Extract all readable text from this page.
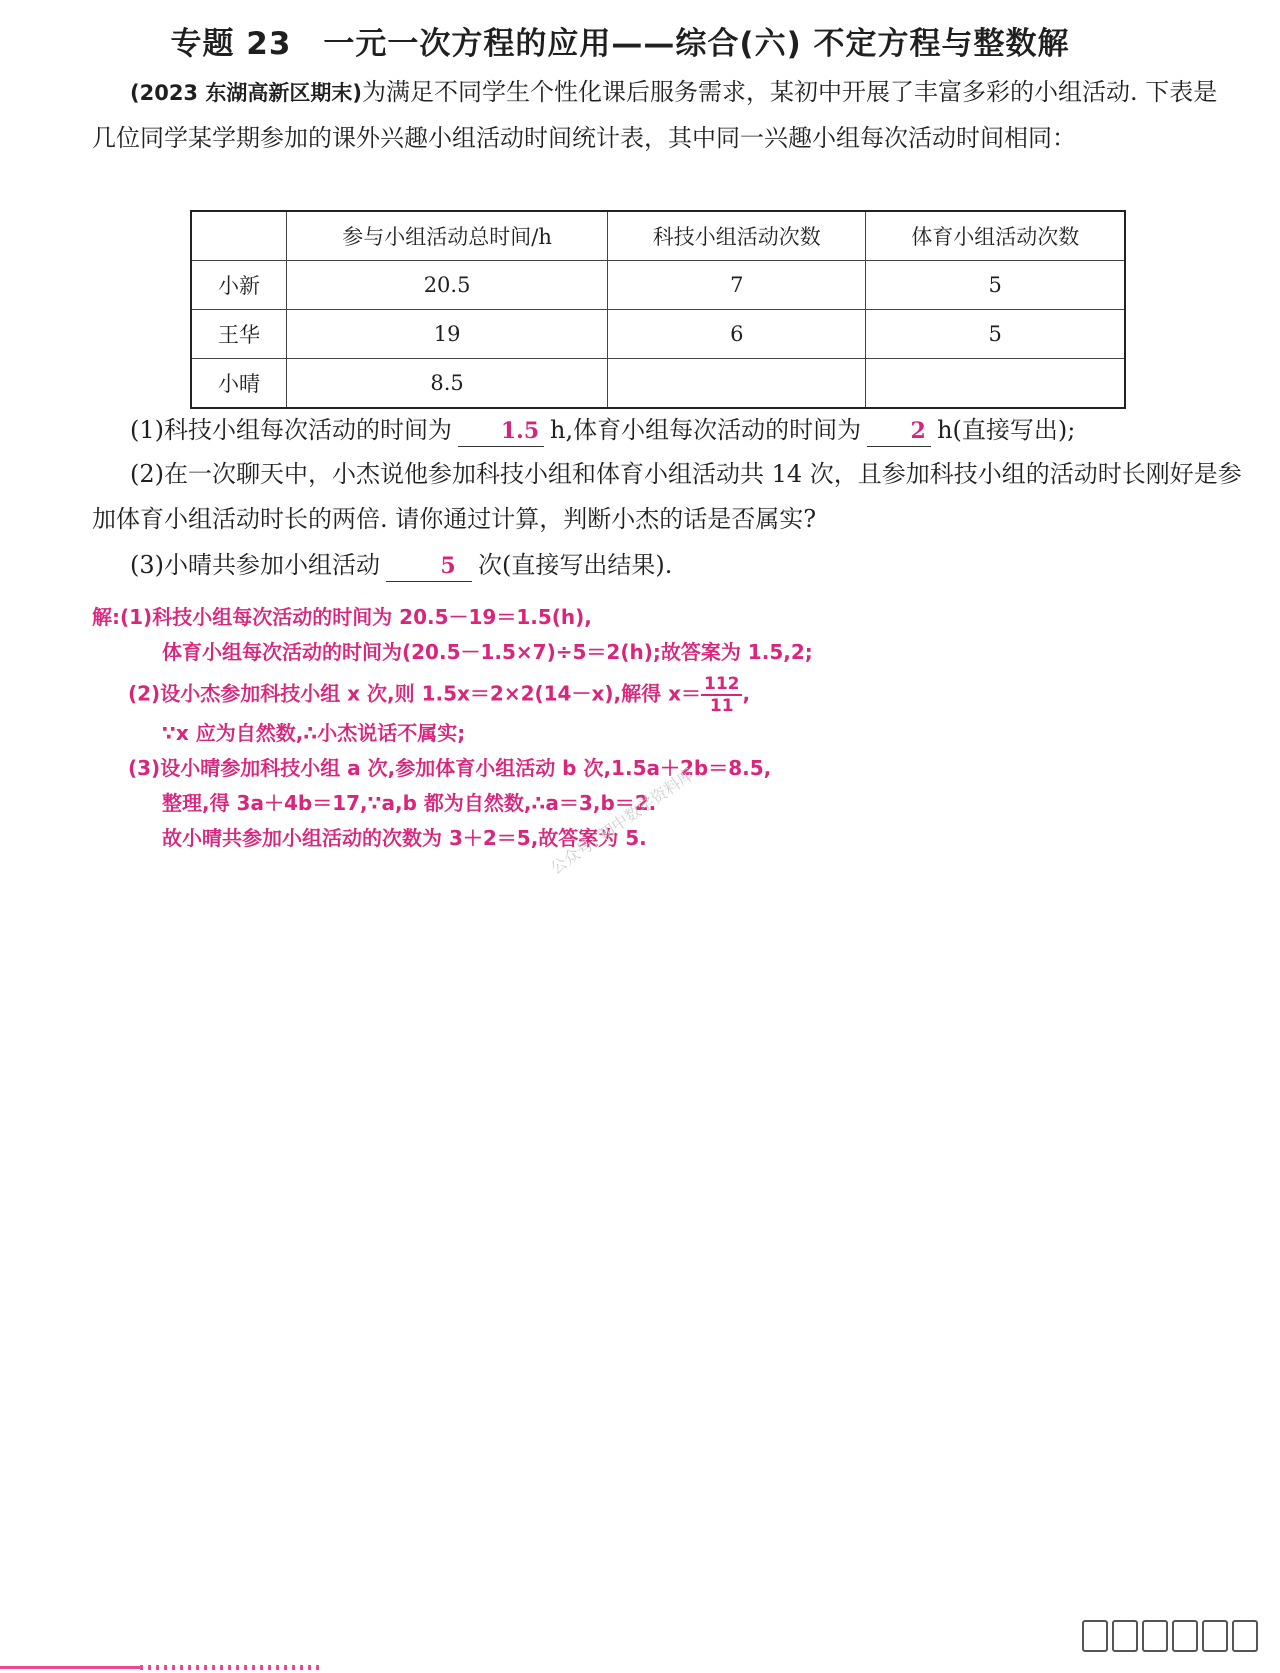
专题 23　一元一次方程的应用——综合(六) 不定方程与整数解
(2023 东湖高新区期末)为满足不同学生个性化课后服务需求，某初中开展了丰富多彩的小组活动. 下表是几位同学某学期参加的课外兴趣小组活动时间统计表，其中同一兴趣小组每次活动时间相同：
	参与小组活动总时间/h	科技小组活动次数	体育小组活动次数
小新	20.5	7	5
王华	19	6	5
小晴	8.5		
(1)科技小组每次活动的时间为 1.5 h,体育小组每次活动的时间为 2 h(直接写出);
(2)在一次聊天中，小杰说他参加科技小组和体育小组活动共 14 次，且参加科技小组的活动时长刚好是参加体育小组活动时长的两倍. 请你通过计算，判断小杰的话是否属实?
(3)小晴共参加小组活动	5 次(直接写出结果).
解:(1)科技小组每次活动的时间为 20.5－19＝1.5(h),
体育小组每次活动的时间为(20.5－1.5×7)÷5＝2(h);故答案为 1.5,2;
(2)设小杰参加科技小组 x 次,则 1.5x＝2×2(14－x),解得 $x= \frac{112}{11}$ ,
∵x 应为自然数,∴小杰说话不属实;
(3)设小晴参加科技小组 a 次,参加体育小组活动 b 次,1.5a＋2b＝8.5,
整理,得 3a＋4b＝17,∵a,b 都为自然数,∴a＝3,b＝2.
故小晴共参加小组活动的次数为 3＋2＝5,故答案为 5.
公众号: 初中数学资料库
